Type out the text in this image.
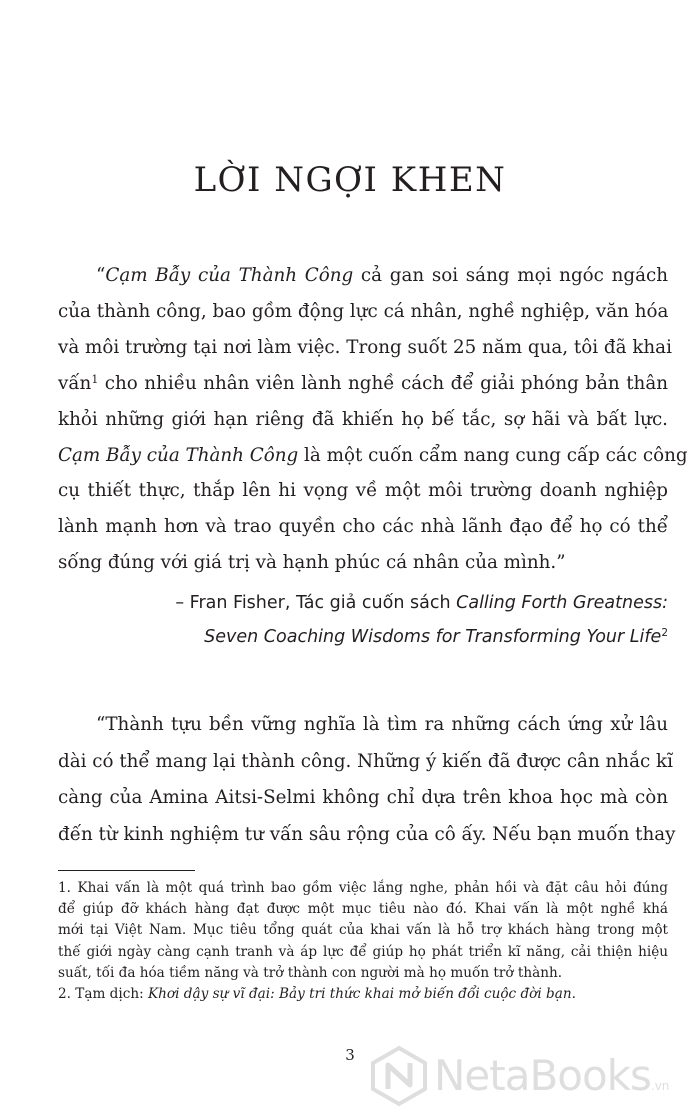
LỜI NGỢI KHEN
“Cạm Bẫy của Thành Công cả gan soi sáng mọi ngóc ngách
của thành công, bao gồm động lực cá nhân, nghề nghiệp, văn hóa
và môi trường tại nơi làm việc. Trong suốt 25 năm qua, tôi đã khai
vấn$^1$ cho nhiều nhân viên lành nghề cách để giải phóng bản thân
khỏi những giới hạn riêng đã khiến họ bế tắc, sợ hãi và bất lực.
Cạm Bẫy của Thành Công là một cuốn cẩm nang cung cấp các công
cụ thiết thực, thắp lên hi vọng về một môi trường doanh nghiệp
lành mạnh hơn và trao quyền cho các nhà lãnh đạo để họ có thể
sống đúng với giá trị và hạnh phúc cá nhân của mình.”
– Fran Fisher, Tác giả cuốn sách Calling Forth Greatness:
Seven Coaching Wisdoms for Transforming Your Life$^2$
“Thành tựu bền vững nghĩa là tìm ra những cách ứng xử lâu
dài có thể mang lại thành công. Những ý kiến đã được cân nhắc kĩ
càng của Amina Aitsi-Selmi không chỉ dựa trên khoa học mà còn
đến từ kinh nghiệm tư vấn sâu rộng của cô ấy. Nếu bạn muốn thay
1. Khai vấn là một quá trình bao gồm việc lắng nghe, phản hồi và đặt câu hỏi đúng
để giúp đỡ khách hàng đạt được một mục tiêu nào đó. Khai vấn là một nghề khá
mới tại Việt Nam. Mục tiêu tổng quát của khai vấn là hỗ trợ khách hàng trong một
thế giới ngày càng cạnh tranh và áp lực để giúp họ phát triển kĩ năng, cải thiện hiệu
suất, tối đa hóa tiềm năng và trở thành con người mà họ muốn trở thành.
2. Tạm dịch: Khơi dậy sự vĩ đại: Bảy tri thức khai mở biến đổi cuộc đời bạn.
3	NetaBooks.vn
